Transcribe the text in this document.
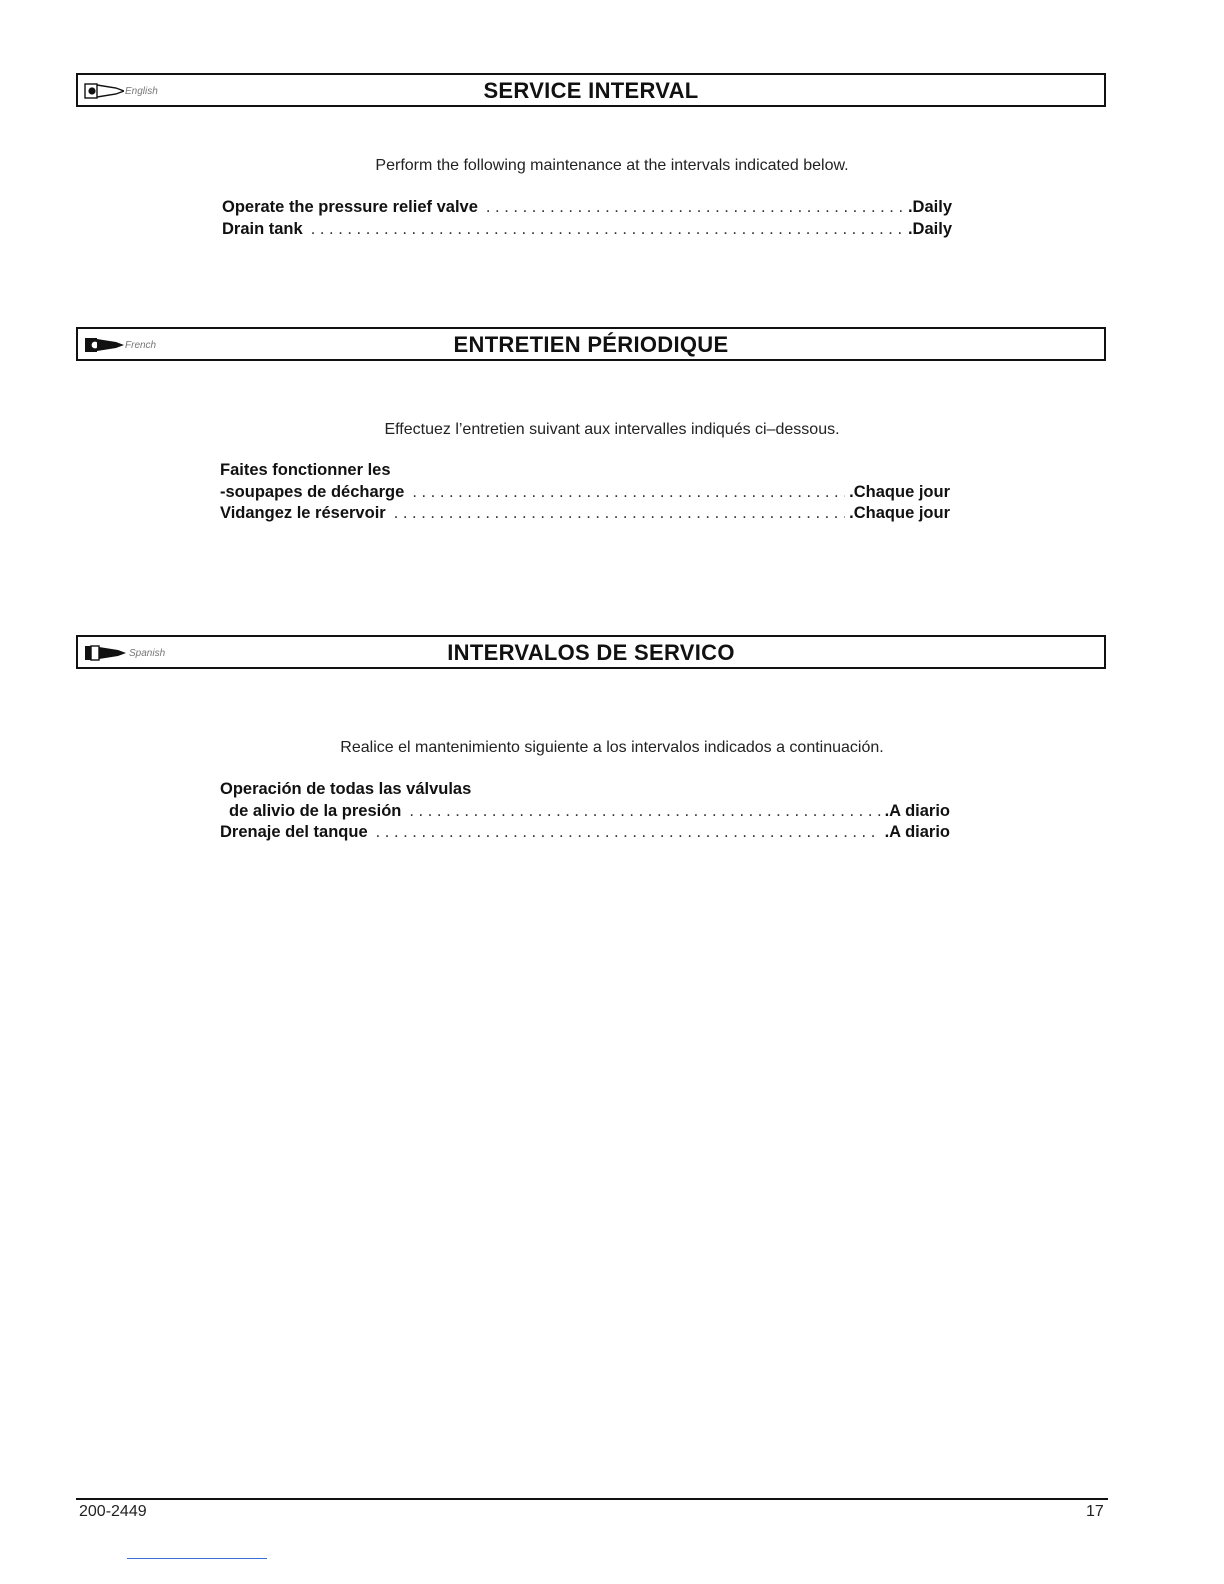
English	SERVICE INTERVAL
Perform the following maintenance at the intervals indicated below.
Operate the pressure relief valve . . .	.Daily
Drain tank . . .	.Daily
French	ENTRETIEN PÉRIODIQUE
Effectuez l’entretien suivant aux intervalles indiqués ci–dessous.
Faites fonctionner les
-soupapes de décharge . . .	.Chaque jour
Vidangez le réservoir . . .	.Chaque jour
Spanish	INTERVALOS DE SERVICO
Realice el mantenimiento siguiente a los intervalos indicados a continuación.
Operación de todas las válvulas
de alivio de la presión . . .	.A diario
Drenaje del tanque . . .	.A diario
200-2449	17
